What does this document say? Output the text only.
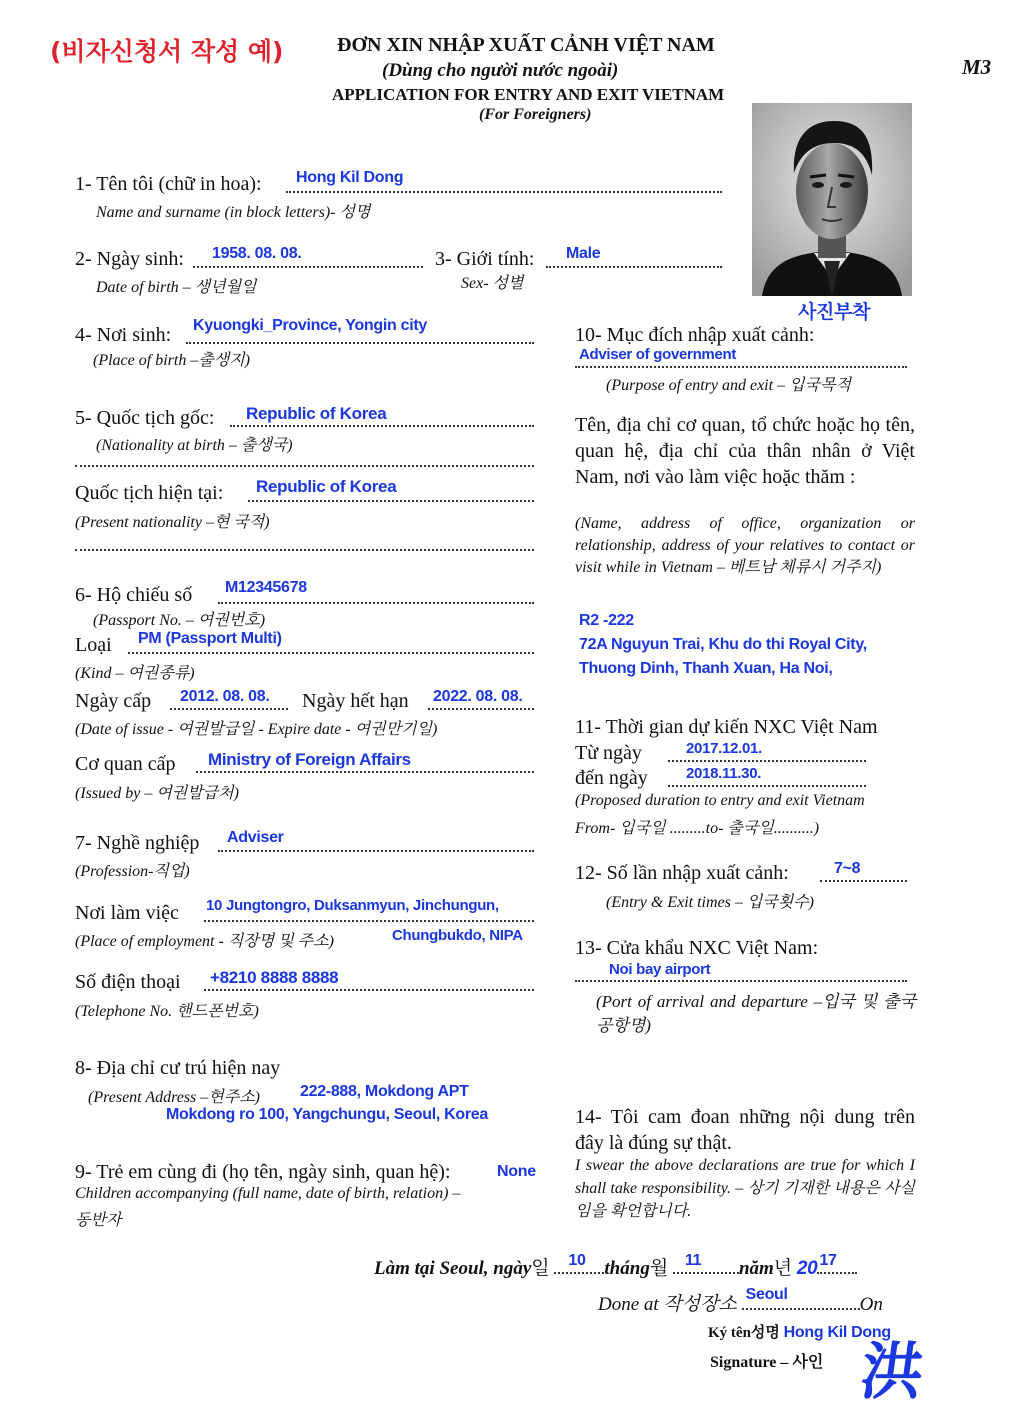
(비자신청서 작성 예)	ĐƠN XIN NHẬP XUẤT CẢNH VIỆT NAM
(Dùng cho người nước ngoài)
APPLICATION FOR ENTRY AND EXIT VIETNAM
(For Foreigners)
M3
사진부착
1- Tên tôi (chữ in hoa): Hong Kil Dong
Name and surname (in block letters)- 성명
2- Ngày sinh: 1958. 08. 08.
Date of birth – 생년월일
3- Giới tính: Male
Sex- 성별
4- Nơi sinh: Kyuongki_Province, Yongin city
(Place of birth –출생지)
5- Quốc tịch gốc: Republic of Korea
(Nationality at birth – 출생국)
Quốc tịch hiện tại: Republic of Korea
(Present nationality –현 국적)
6- Hộ chiếu số M12345678
(Passport No. – 여권번호)
Loại PM (Passport Multi)
(Kind – 여권종류)
Ngày cấp 2012. 08. 08. Ngày hết hạn 2022. 08. 08.
(Date of issue - 여권발급일 - Expire date - 여권만기일)
Cơ quan cấp Ministry of Foreign Affairs
(Issued by – 여권발급처)
7- Nghề nghiệp Adviser
(Profession-직업)
Nơi làm việc 10 Jungtongro, Duksanmyun, Jinchungun,
(Place of employment - 직장명 및 주소)	Chungbukdo, NIPA
Số điện thoại +8210 8888 8888
(Telephone No. 핸드폰번호)
8- Địa chỉ cư trú hiện nay
(Present Address –현주소)	222-888, Mokdong APT
Mokdong ro 100, Yangchungu, Seoul, Korea
9- Trẻ em cùng đi (họ tên, ngày sinh, quan hệ):	None
Children accompanying (full name, date of birth, relation) –
동반자
10- Mục đích nhập xuất cảnh:
Adviser of government
(Purpose of entry and exit – 입국목적
Tên, địa chỉ cơ quan, tổ chức hoặc họ tên, quan hệ, địa chỉ của thân nhân ở Việt Nam, nơi vào làm việc hoặc thăm :
(Name, address of office, organization or relationship, address of your relatives to contact or visit while in Vietnam – 베트남 체류시 거주지)
R2 -222
72A Nguyun Trai, Khu do thi Royal City,
Thuong Dinh, Thanh Xuan, Ha Noi,
11- Thời gian dự kiến NXC Việt Nam
Từ ngày	2017.12.01.
đến ngày	2018.11.30.
(Proposed duration to entry and exit Vietnam
From- 입국일 .........to- 출국일..........)
12- Số lần nhập xuất cảnh:	7~8
(Entry & Exit times – 입국횟수)
13- Cửa khẩu NXC Việt Nam:
Noi bay airport
(Port of arrival and departure –입국 및 출국공항명)
14- Tôi cam đoan những nội dung trên đây là đúng sự thật.
I swear the above declarations are true for which I shall take responsibility. – 상기 기재한 내용은 사실임을 확언합니다.
Làm tại Seoul, ngày일 10 tháng월 11 năm년 20 17
Done at 작성장소 Seoul	On
Ký tên성명 Hong Kil Dong
Signature – 사인 洪
